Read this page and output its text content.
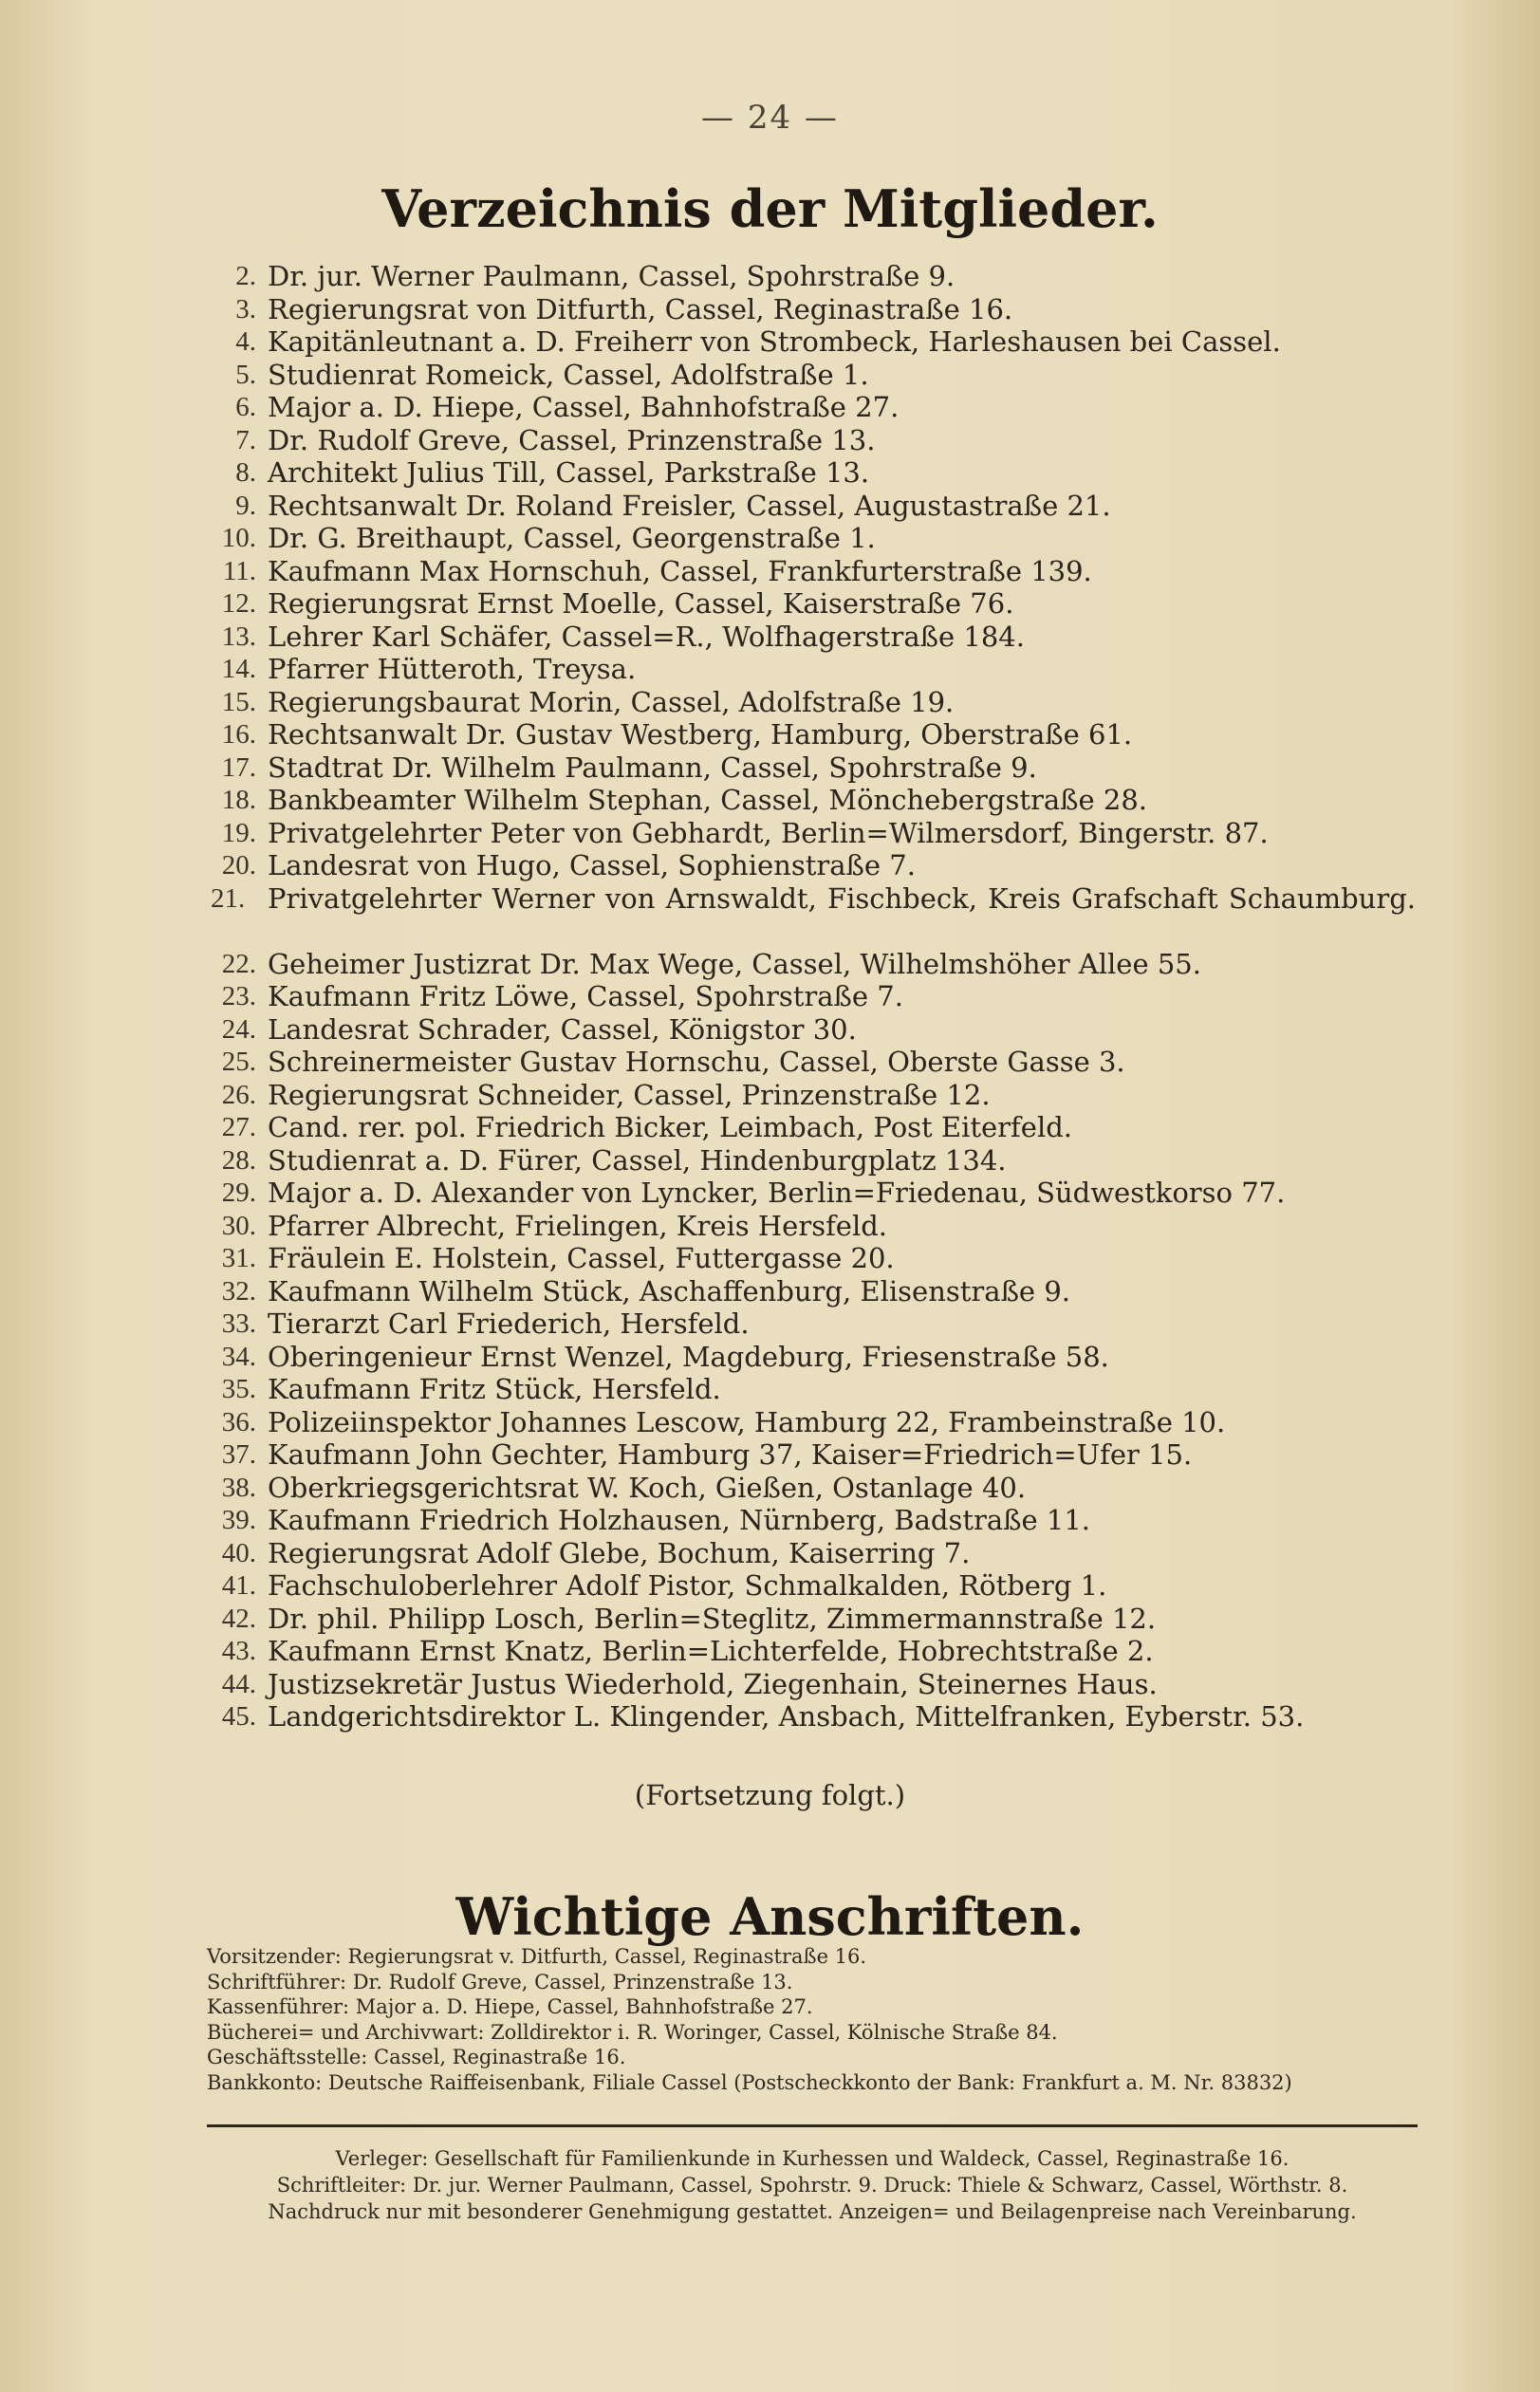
— 24 —
Verzeichnis der Mitglieder.
2. Dr. jur. Werner Paulmann, Cassel, Spohrstraße 9.
3. Regierungsrat von Ditfurth, Cassel, Reginastraße 16.
4. Kapitänleutnant a. D. Freiherr von Strombeck, Harleshausen bei Cassel.
5. Studienrat Romeick, Cassel, Adolfstraße 1.
6. Major a. D. Hiepe, Cassel, Bahnhofstraße 27.
7. Dr. Rudolf Greve, Cassel, Prinzenstraße 13.
8. Architekt Julius Till, Cassel, Parkstraße 13.
9. Rechtsanwalt Dr. Roland Freisler, Cassel, Augustastraße 21.
10. Dr. G. Breithaupt, Cassel, Georgenstraße 1.
11. Kaufmann Max Hornschuh, Cassel, Frankfurterstraße 139.
12. Regierungsrat Ernst Moelle, Cassel, Kaiserstraße 76.
13. Lehrer Karl Schäfer, Cassel=R., Wolfhagerstraße 184.
14. Pfarrer Hütteroth, Treysa.
15. Regierungsbaurat Morin, Cassel, Adolfstraße 19.
16. Rechtsanwalt Dr. Gustav Westberg, Hamburg, Oberstraße 61.
17. Stadtrat Dr. Wilhelm Paulmann, Cassel, Spohrstraße 9.
18. Bankbeamter Wilhelm Stephan, Cassel, Mönchebergstraße 28.
19. Privatgelehrter Peter von Gebhardt, Berlin=Wilmersdorf, Bingerstr. 87.
20. Landesrat von Hugo, Cassel, Sophienstraße 7.
21. Privatgelehrter Werner von Arnswaldt, Fischbeck, Kreis Grafschaft Schaumburg.
22. Geheimer Justizrat Dr. Max Wege, Cassel, Wilhelmshöher Allee 55.
23. Kaufmann Fritz Löwe, Cassel, Spohrstraße 7.
24. Landesrat Schrader, Cassel, Königstor 30.
25. Schreinermeister Gustav Hornschu, Cassel, Oberste Gasse 3.
26. Regierungsrat Schneider, Cassel, Prinzenstraße 12.
27. Cand. rer. pol. Friedrich Bicker, Leimbach, Post Eiterfeld.
28. Studienrat a. D. Fürer, Cassel, Hindenburgplatz 134.
29. Major a. D. Alexander von Lyncker, Berlin=Friedenau, Südwestkorso 77.
30. Pfarrer Albrecht, Frielingen, Kreis Hersfeld.
31. Fräulein E. Holstein, Cassel, Futtergasse 20.
32. Kaufmann Wilhelm Stück, Aschaffenburg, Elisenstraße 9.
33. Tierarzt Carl Friederich, Hersfeld.
34. Oberingenieur Ernst Wenzel, Magdeburg, Friesenstraße 58.
35. Kaufmann Fritz Stück, Hersfeld.
36. Polizeiinspektor Johannes Lescow, Hamburg 22, Frambeinstraße 10.
37. Kaufmann John Gechter, Hamburg 37, Kaiser=Friedrich=Ufer 15.
38. Oberkriegsgerichtsrat W. Koch, Gießen, Ostanlage 40.
39. Kaufmann Friedrich Holzhausen, Nürnberg, Badstraße 11.
40. Regierungsrat Adolf Glebe, Bochum, Kaiserring 7.
41. Fachschuloberlehrer Adolf Pistor, Schmalkalden, Rötberg 1.
42. Dr. phil. Philipp Losch, Berlin=Steglitz, Zimmermannstraße 12.
43. Kaufmann Ernst Knatz, Berlin=Lichterfelde, Hobrechtstraße 2.
44. Justizsekretär Justus Wiederhold, Ziegenhain, Steinernes Haus.
45. Landgerichtsdirektor L. Klingender, Ansbach, Mittelfranken, Eyberstr. 53.
(Fortsetzung folgt.)
Wichtige Anschriften.
Vorsitzender: Regierungsrat v. Ditfurth, Cassel, Reginastraße 16.
Schriftführer: Dr. Rudolf Greve, Cassel, Prinzenstraße 13.
Kassenführer: Major a. D. Hiepe, Cassel, Bahnhofstraße 27.
Bücherei= und Archivwart: Zolldirektor i. R. Woringer, Cassel, Kölnische Straße 84.
Geschäftsstelle: Cassel, Reginastraße 16.
Bankkonto: Deutsche Raiffeisenbank, Filiale Cassel (Postscheckkonto der Bank: Frankfurt a. M. Nr. 83832)
Verleger: Gesellschaft für Familienkunde in Kurhessen und Waldeck, Cassel, Reginastraße 16.
Schriftleiter: Dr. jur. Werner Paulmann, Cassel, Spohrstr. 9. Druck: Thiele & Schwarz, Cassel, Wörthstr. 8.
Nachdruck nur mit besonderer Genehmigung gestattet. Anzeigen= und Beilagenpreise nach Vereinbarung.
